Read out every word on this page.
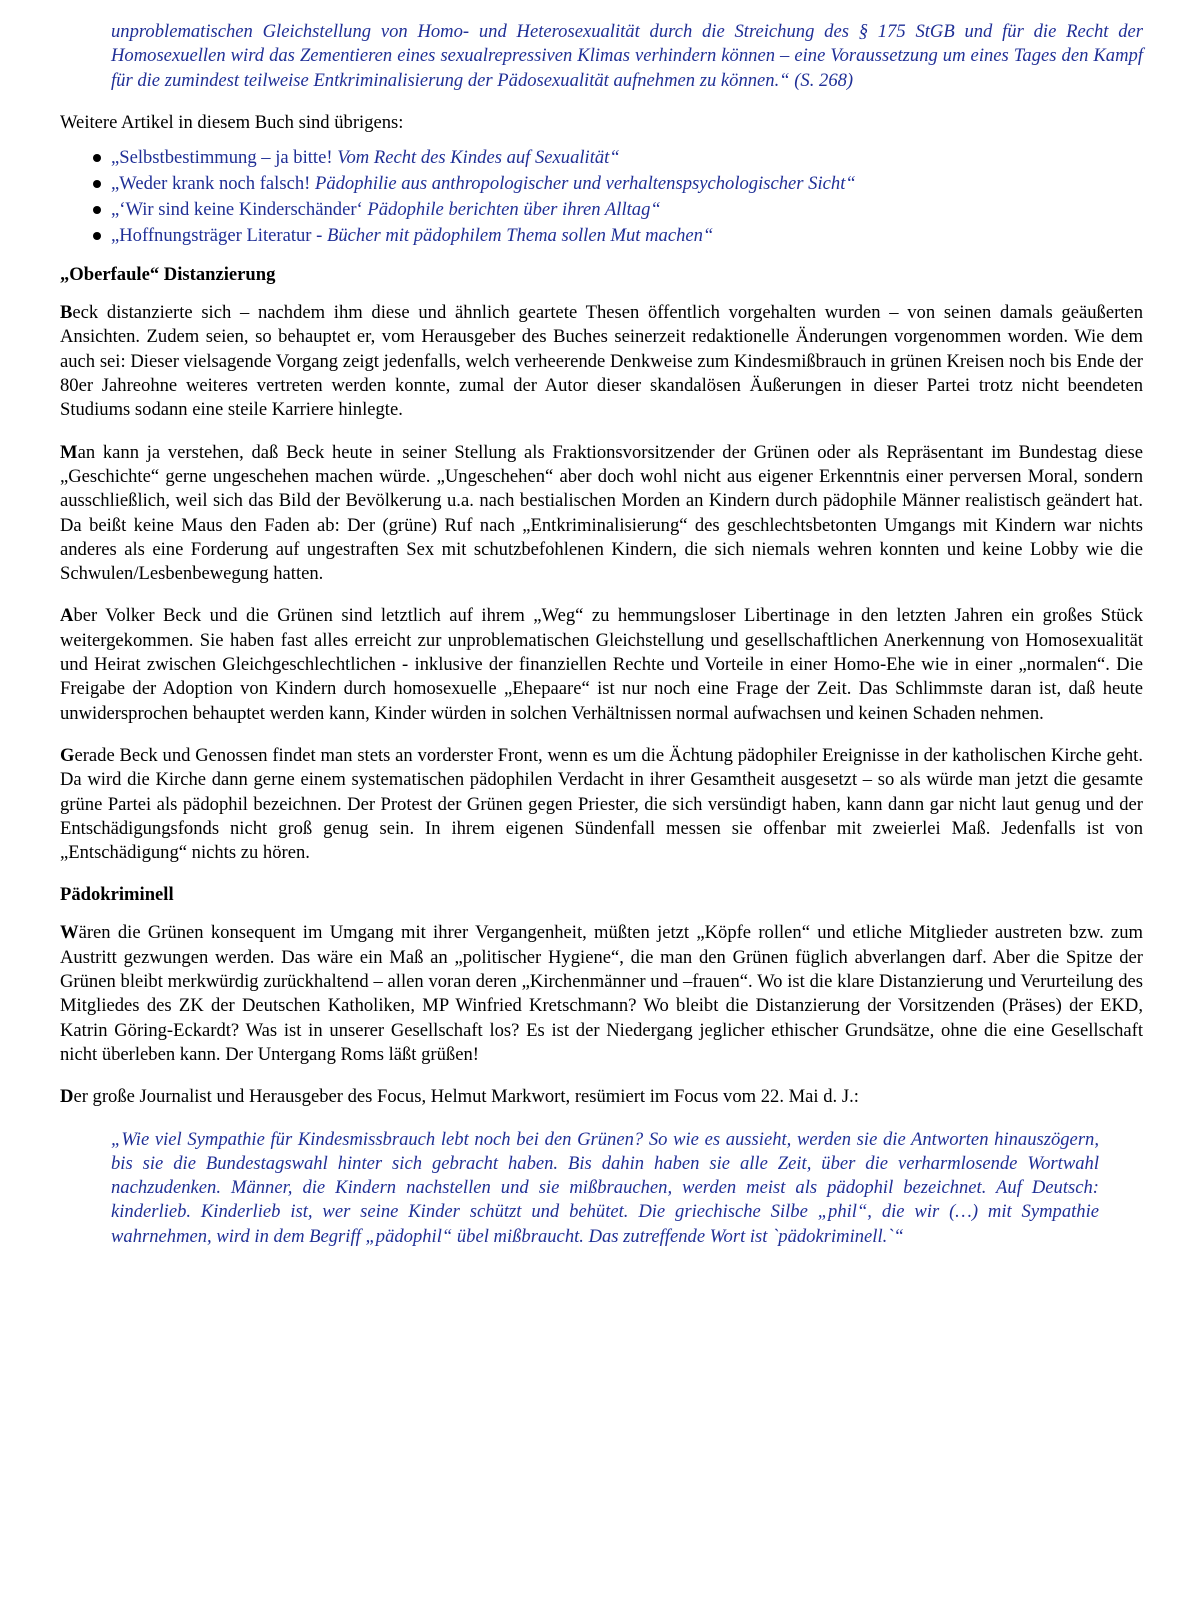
unproblematischen Gleichstellung von Homo- und Heterosexualität durch die Streichung des § 175 StGB und für die Recht der Homosexuellen wird das Zementieren eines sexualrepressiven Klimas verhindern können – eine Voraussetzung um eines Tages den Kampf für die zumindest teilweise Entkriminalisierung der Pädosexualität aufnehmen zu können.“ (S. 268)

Weitere Artikel in diesem Buch sind übrigens:

„Selbstbestimmung – ja bitte! Vom Recht des Kindes auf Sexualität“
„Weder krank noch falsch! Pädophilie aus anthropologischer und verhaltenspsychologischer Sicht“
„‘Wir sind keine Kinderschänder‘ Pädophile berichten über ihren Alltag“
„Hoffnungsträger Literatur - Bücher mit pädophilem Thema sollen Mut machen“
„Oberfaule“ Distanzierung

Beck distanzierte sich – nachdem ihm diese und ähnlich geartete Thesen öffentlich vorgehalten wurden – von seinen damals geäußerten Ansichten. Zudem seien, so behauptet er, vom Herausgeber des Buches seinerzeit redaktionelle Änderungen vorgenommen worden. Wie dem auch sei: Dieser vielsagende Vorgang zeigt jedenfalls, welch verheerende Denkweise zum Kindesmißbrauch in grünen Kreisen noch bis Ende der 80er Jahreohne weiteres vertreten werden konnte, zumal der Autor dieser skandalösen Äußerungen in dieser Partei trotz nicht beendeten Studiums sodann eine steile Karriere hinlegte.

Man kann ja verstehen, daß Beck heute in seiner Stellung als Fraktionsvorsitzender der Grünen oder als Repräsentant im Bundestag diese „Geschichte“ gerne ungeschehen machen würde. „Ungeschehen“ aber doch wohl nicht aus eigener Erkenntnis einer perversen Moral, sondern ausschließlich, weil sich das Bild der Bevölkerung u.a. nach bestialischen Morden an Kindern durch pädophile Männer realistisch geändert hat. Da beißt keine Maus den Faden ab: Der (grüne) Ruf nach „Entkriminalisierung“ des geschlechtsbetonten Umgangs mit Kindern war nichts anderes als eine Forderung auf ungestraften Sex mit schutzbefohlenen Kindern, die sich niemals wehren konnten und keine Lobby wie die Schwulen/Lesbenbewegung hatten.

Aber Volker Beck und die Grünen sind letztlich auf ihrem „Weg“ zu hemmungsloser Libertinage in den letzten Jahren ein großes Stück weitergekommen. Sie haben fast alles erreicht zur unproblematischen Gleichstellung und gesellschaftlichen Anerkennung von Homosexualität und Heirat zwischen Gleichgeschlechtlichen - inklusive der finanziellen Rechte und Vorteile in einer Homo-Ehe wie in einer „normalen“. Die Freigabe der Adoption von Kindern durch homosexuelle „Ehepaare“ ist nur noch eine Frage der Zeit. Das Schlimmste daran ist, daß heute unwidersprochen behauptet werden kann, Kinder würden in solchen Verhältnissen normal aufwachsen und keinen Schaden nehmen.

Gerade Beck und Genossen findet man stets an vorderster Front, wenn es um die Ächtung pädophiler Ereignisse in der katholischen Kirche geht. Da wird die Kirche dann gerne einem systematischen pädophilen Verdacht in ihrer Gesamtheit ausgesetzt – so als würde man jetzt die gesamte grüne Partei als pädophil bezeichnen. Der Protest der Grünen gegen Priester, die sich versündigt haben, kann dann gar nicht laut genug und der Entschädigungsfonds nicht groß genug sein. In ihrem eigenen Sündenfall messen sie offenbar mit zweierlei Maß. Jedenfalls ist von „Entschädigung“ nichts zu hören.

Pädokriminell

Wären die Grünen konsequent im Umgang mit ihrer Vergangenheit, müßten jetzt „Köpfe rollen“ und etliche Mitglieder austreten bzw. zum Austritt gezwungen werden. Das wäre ein Maß an „politischer Hygiene“, die man den Grünen füglich abverlangen darf. Aber die Spitze der Grünen bleibt merkwürdig zurückhaltend – allen voran deren „Kirchenmänner und –frauen“. Wo ist die klare Distanzierung und Verurteilung des Mitgliedes des ZK der Deutschen Katholiken, MP Winfried Kretschmann? Wo bleibt die Distanzierung der Vorsitzenden (Präses) der EKD, Katrin Göring-Eckardt? Was ist in unserer Gesellschaft los? Es ist der Niedergang jeglicher ethischer Grundsätze, ohne die eine Gesellschaft nicht überleben kann. Der Untergang Roms läßt grüßen!

Der große Journalist und Herausgeber des Focus, Helmut Markwort, resümiert im Focus vom 22. Mai d. J.:

„Wie viel Sympathie für Kindesmissbrauch lebt noch bei den Grünen? So wie es aussieht, werden sie die Antworten hinauszögern, bis sie die Bundestagswahl hinter sich gebracht haben. Bis dahin haben sie alle Zeit, über die verharmlosende Wortwahl nachzudenken. Männer, die Kindern nachstellen und sie mißbrauchen, werden meist als pädophil bezeichnet. Auf Deutsch: kinderlieb. Kinderlieb ist, wer seine Kinder schützt und behütet. Die griechische Silbe „phil“, die wir (…) mit Sympathie wahrnehmen, wird in dem Begriff „pädophil“ übel mißbraucht. Das zutreffende Wort ist `pädokriminell.`“
